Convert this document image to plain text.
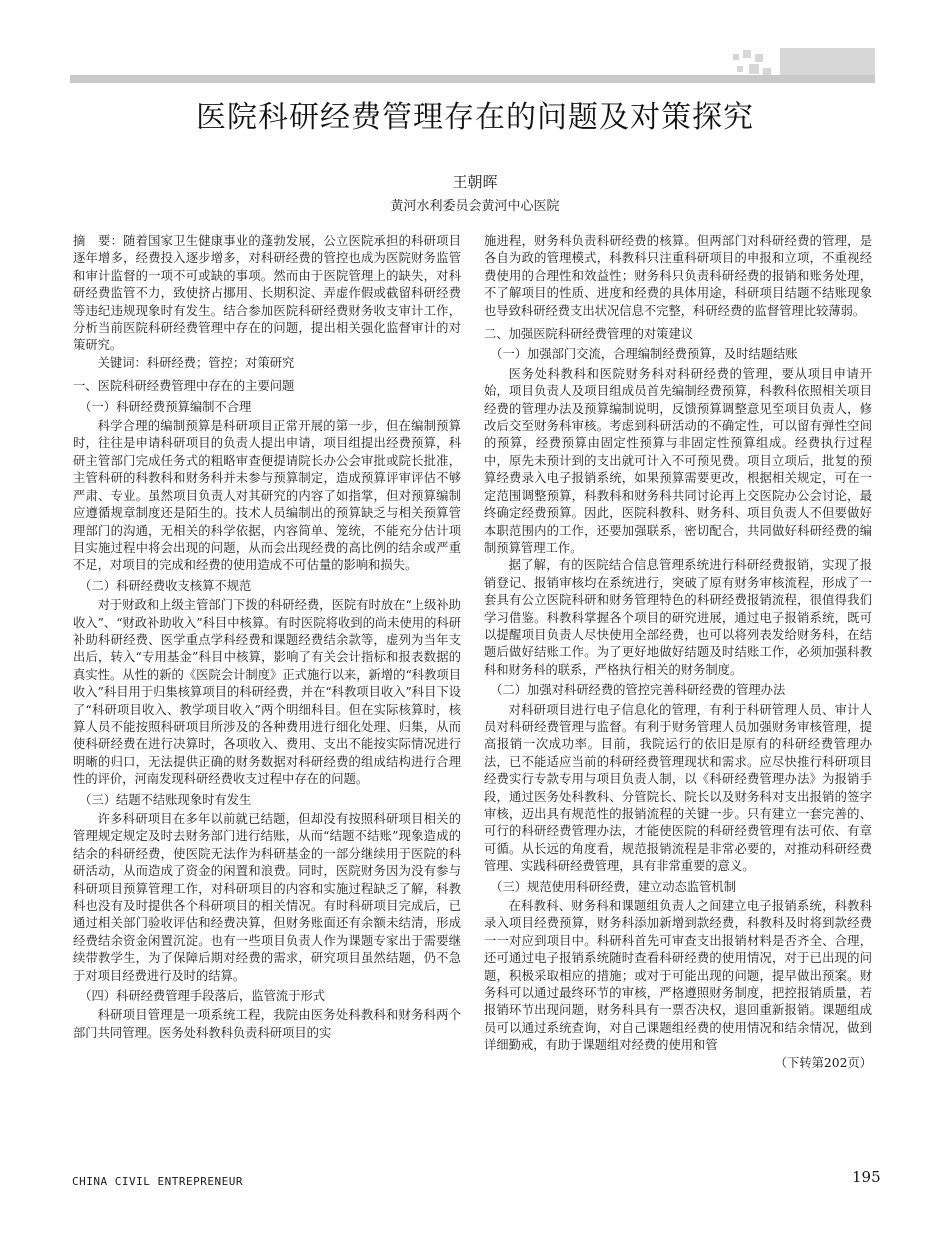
医院科研经费管理存在的问题及对策探究
王朝晖
黄河水利委员会黄河中心医院

摘　要：随着国家卫生健康事业的蓬勃发展，公立医院承担的科研项目逐年增多，经费投入逐步增多，对科研经费的管控也成为医院财务监管和审计监督的一项不可或缺的事项。然而由于医院管理上的缺失，对科研经费监管不力，致使挤占挪用、长期积淀、弄虚作假或截留科研经费等违纪违规现象时有发生。结合参加医院科研经费财务收支审计工作，分析当前医院科研经费管理中存在的问题，提出相关强化监督审计的对策研究。

关键词：科研经费；管控；对策研究

一、医院科研经费管理中存在的主要问题

（一）科研经费预算编制不合理

科学合理的编制预算是科研项目正常开展的第一步，但在编制预算时，往往是申请科研项目的负责人提出申请，项目组提出经费预算，科研主管部门完成任务式的粗略审查便提请院长办公会审批或院长批准，主管科研的科教科和财务科并未参与预算制定，造成预算评审评估不够严肃、专业。虽然项目负责人对其研究的内容了如指掌，但对预算编制应遵循规章制度还是陌生的。技术人员编制出的预算缺乏与相关预算管理部门的沟通，无相关的科学依据，内容简单、笼统，不能充分估计项目实施过程中将会出现的问题，从而会出现经费的高比例的结余或严重不足，对项目的完成和经费的使用造成不可估量的影响和损失。

（二）科研经费收支核算不规范

对于财政和上级主管部门下拨的科研经费，医院有时放在“上级补助收入”、“财政补助收入”科目中核算。有时医院将收到的尚未使用的科研补助科研经费、医学重点学科经费和课题经费结余款等，虚列为当年支出后，转入“专用基金”科目中核算，影响了有关会计指标和报表数据的真实性。从性的新的《医院会计制度》正式施行以来，新增的“科教项目收入”科目用于归集核算项目的科研经费，并在“科教项目收入”科目下设了“科研项目收入、教学项目收入”两个明细科目。但在实际核算时，核算人员不能按照科研项目所涉及的各种费用进行细化处理、归集，从而使科研经费在进行决算时，各项收入、费用、支出不能按实际情况进行明晰的归口，无法提供正确的财务数据对科研经费的组成结构进行合理性的评价，河南发现科研经费收支过程中存在的问题。

（三）结题不结账现象时有发生

许多科研项目在多年以前就已结题，但却没有按照科研项目相关的管理规定规定及时去财务部门进行结账，从而“结题不结账”现象造成的结余的科研经费，使医院无法作为科研基金的一部分继续用于医院的科研活动，从而造成了资金的闲置和浪费。同时，医院财务因为没有参与科研项目预算管理工作，对科研项目的内容和实施过程缺乏了解，科教科也没有及时提供各个科研项目的相关情况。有时科研项目完成后，已通过相关部门验收评估和经费决算，但财务账面还有余额未结清，形成经费结余资金闲置沉淀。也有一些项目负责人作为课题专家出于需要继续带教学生，为了保障后期对经费的需求，研究项目虽然结题，仍不急于对项目经费进行及时的结算。

（四）科研经费管理手段落后，监管流于形式

科研项目管理是一项系统工程，我院由医务处科教科和财务科两个部门共同管理。医务处科教科负责科研项目的实

施进程，财务科负责科研经费的核算。但两部门对科研经费的管理，是各自为政的管理模式，科教科只注重科研项目的申报和立项，不重视经费使用的合理性和效益性；财务科只负责科研经费的报销和账务处理，不了解项目的性质、进度和经费的具体用途，科研项目结题不结账现象也导致科研经费支出状况信息不完整，科研经费的监督管理比较薄弱。

二、加强医院科研经费管理的对策建议

（一）加强部门交流，合理编制经费预算，及时结题结账

医务处科教科和医院财务科对科研经费的管理，要从项目申请开始，项目负责人及项目组成员首先编制经费预算，科教科依照相关项目经费的管理办法及预算编制说明，反馈预算调整意见至项目负责人，修改后交至财务科审核。考虑到科研活动的不确定性，可以留有弹性空间的预算，经费预算由固定性预算与非固定性预算组成。经费执行过程中，原先未预计到的支出就可计入不可预见费。项目立项后，批复的预算经费录入电子报销系统，如果预算需要更改，根据相关规定，可在一定范围调整预算，科教科和财务科共同讨论再上交医院办公会讨论，最终确定经费预算。因此，医院科教科、财务科、项目负责人不但要做好本职范围内的工作，还要加强联系，密切配合，共同做好科研经费的编制预算管理工作。

据了解，有的医院结合信息管理系统进行科研经费报销，实现了报销登记、报销审核均在系统进行，突破了原有财务审核流程，形成了一套具有公立医院科研和财务管理特色的科研经费报销流程，很值得我们学习借鉴。科教科掌握各个项目的研究进展，通过电子报销系统，既可以提醒项目负责人尽快使用全部经费，也可以将列表发给财务科，在结题后做好结账工作。为了更好地做好结题及时结账工作，必须加强科教科和财务科的联系，严格执行相关的财务制度。

（二）加强对科研经费的管控完善科研经费的管理办法

对科研项目进行电子信息化的管理，有利于科研管理人员、审计人员对科研经费管理与监督。有利于财务管理人员加强财务审核管理，提高报销一次成功率。目前，我院运行的依旧是原有的科研经费管理办法，已不能适应当前的科研经费管理现状和需求。应尽快推行科研项目经费实行专款专用与项目负责人制，以《科研经费管理办法》为报销手段，通过医务处科教科、分管院长、院长以及财务科对支出报销的签字审核，迈出具有规范性的报销流程的关键一步。只有建立一套完善的、可行的科研经费管理办法，才能使医院的科研经费管理有法可依、有章可循。从长远的角度看，规范报销流程是非常必要的，对推动科研经费管理、实践科研经费管理，具有非常重要的意义。

（三）规范使用科研经费，建立动态监管机制

在科教科、财务科和课题组负责人之间建立电子报销系统，科教科录入项目经费预算，财务科添加新增到款经费，科教科及时将到款经费一一对应到项目中。科研科首先可审查支出报销材料是否齐全、合理，还可通过电子报销系统随时查看科研经费的使用情况，对于已出现的问题，积极采取相应的措施；或对于可能出现的问题，提早做出预案。财务科可以通过最终环节的审核，严格遵照财务制度，把控报销质量，若报销环节出现问题，财务科具有一票否决权，退回重新报销。课题组成员可以通过系统查询，对自己课题组经费的使用情况和结余情况，做到详细勤戒，有助于课题组对经费的使用和管

（下转第202页）

CHINA CIVIL ENTREPRENEUR	195
